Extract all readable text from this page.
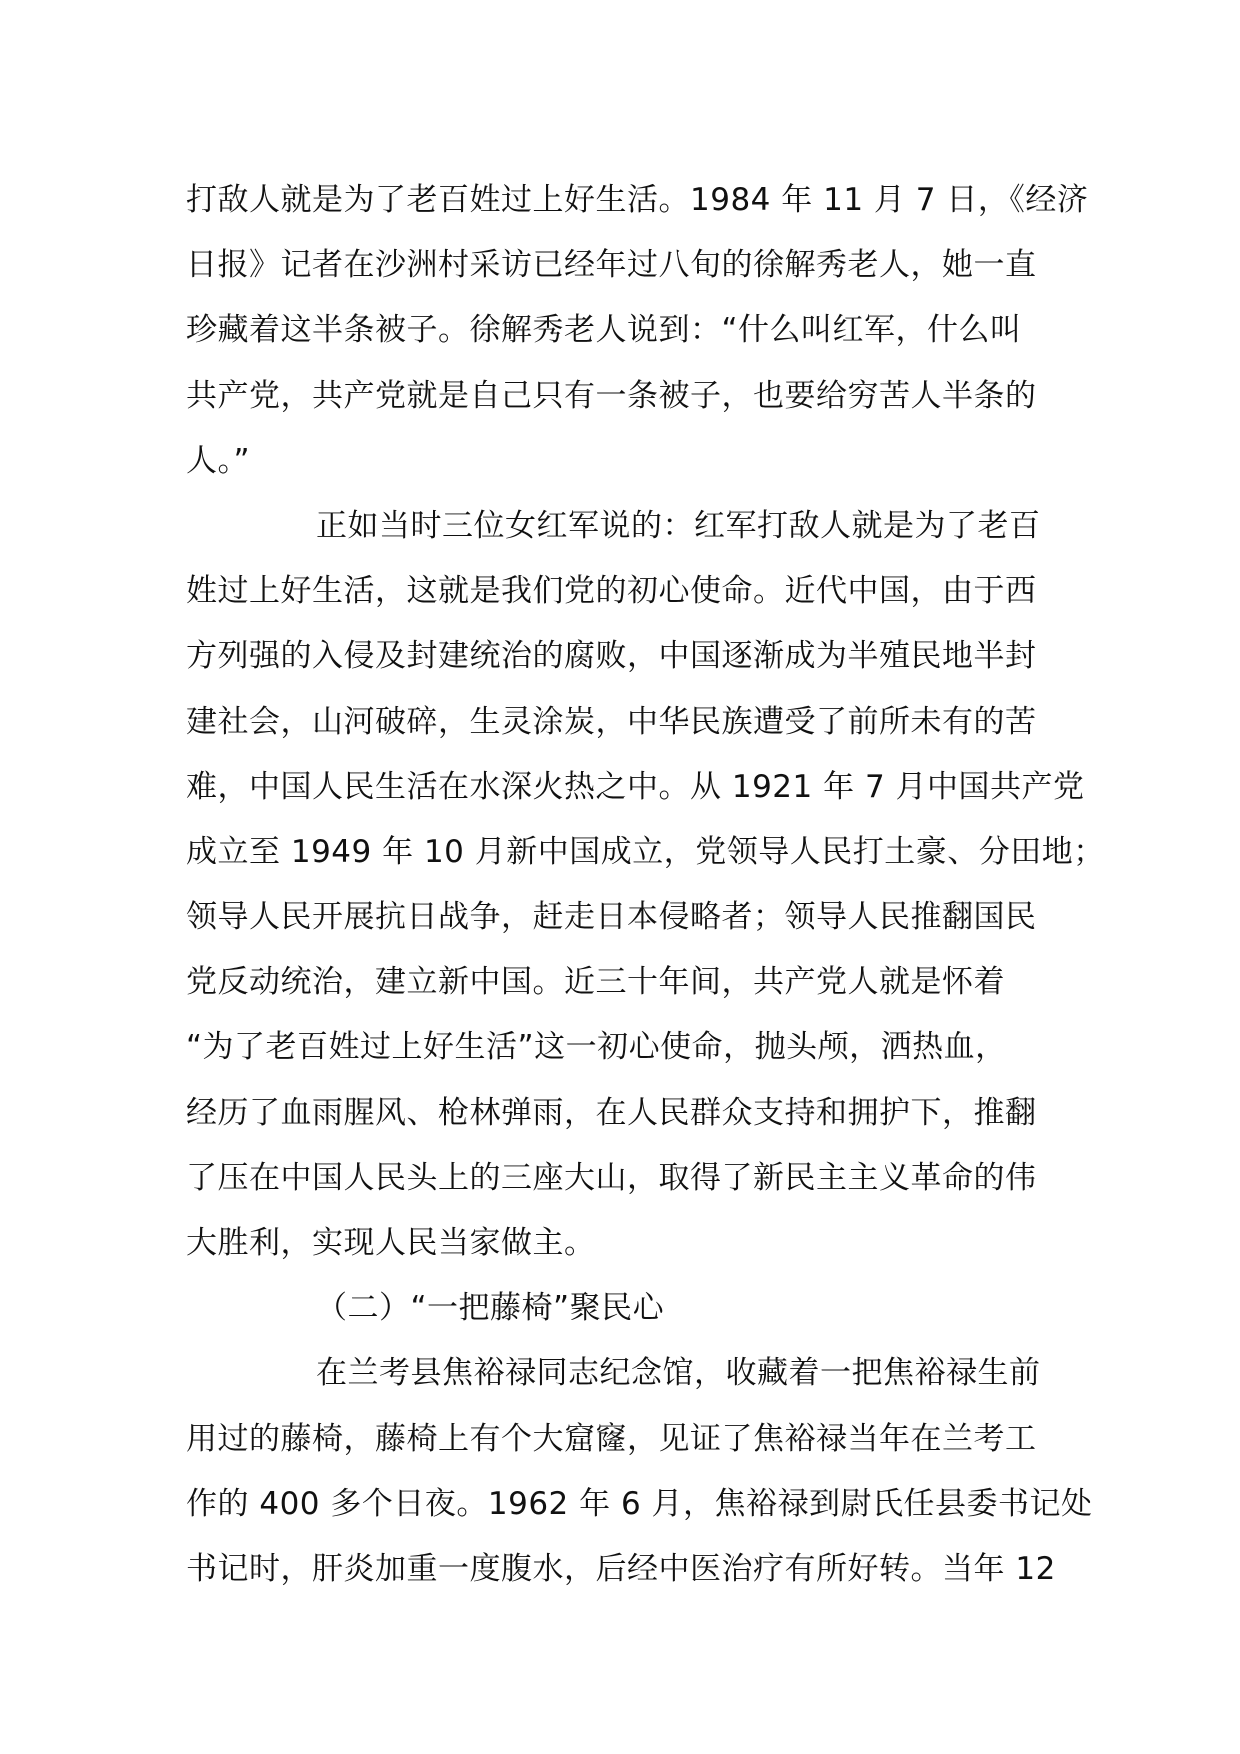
打敌人就是为了老百姓过上好生活。1984 年 11 月 7 日，《经济
日报》记者在沙洲村采访已经年过八旬的徐解秀老人，她一直
珍藏着这半条被子。徐解秀老人说到：“什么叫红军，什么叫
共产党，共产党就是自己只有一条被子，也要给穷苦人半条的
人。”
正如当时三位女红军说的：红军打敌人就是为了老百
姓过上好生活，这就是我们党的初心使命。近代中国，由于西
方列强的入侵及封建统治的腐败，中国逐渐成为半殖民地半封
建社会，山河破碎，生灵涂炭，中华民族遭受了前所未有的苦
难，中国人民生活在水深火热之中。从 1921 年 7 月中国共产党
成立至 1949 年 10 月新中国成立，党领导人民打土豪、分田地；
领导人民开展抗日战争，赶走日本侵略者；领导人民推翻国民
党反动统治，建立新中国。近三十年间，共产党人就是怀着
“为了老百姓过上好生活”这一初心使命，抛头颅，洒热血，
经历了血雨腥风、枪林弹雨，在人民群众支持和拥护下，推翻
了压在中国人民头上的三座大山，取得了新民主主义革命的伟
大胜利，实现人民当家做主。
（二）“一把藤椅”聚民心
在兰考县焦裕禄同志纪念馆，收藏着一把焦裕禄生前
用过的藤椅，藤椅上有个大窟窿，见证了焦裕禄当年在兰考工
作的 400 多个日夜。1962 年 6 月，焦裕禄到尉氏任县委书记处
书记时，肝炎加重一度腹水，后经中医治疗有所好转。当年 12
